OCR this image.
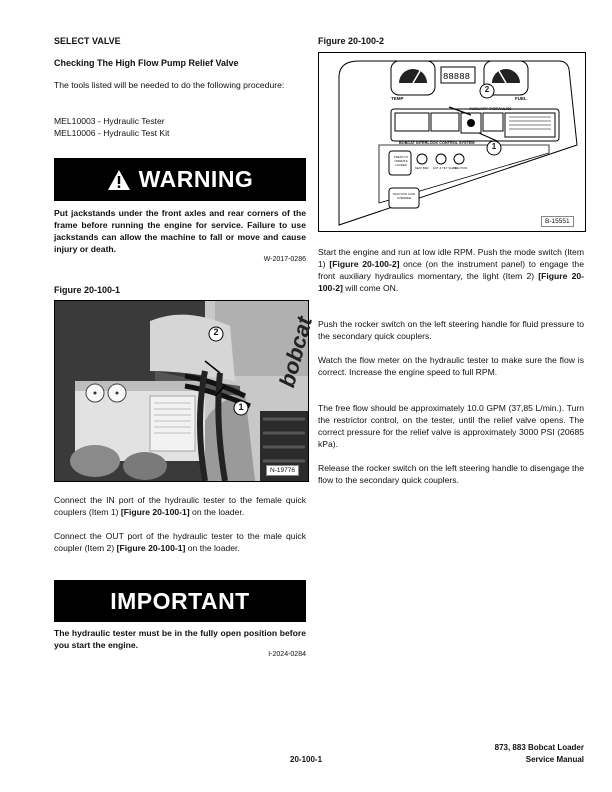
SELECT VALVE
Checking The High Flow Pump Relief Valve
The tools listed will be needed to do the following procedure:
MEL10003 - Hydraulic Tester
MEL10006 - Hydraulic Test Kit
WARNING
Put jackstands under the front axles and rear corners of the frame before running the engine for service. Failure to use jackstands can allow the machine to fall or move and cause injury or death.
W-2017-0286
Figure 20-100-1
bobcat
2
1
N-19776
Connect the IN port of the hydraulic tester to the female quick couplers (Item 1) [Figure 20-100-1] on the loader.
Connect the OUT port of the hydraulic tester to the male quick coupler (Item 2) [Figure 20-100-1] on the loader.
IMPORTANT
The hydraulic tester must be in the fully open position before you start the engine.
I-2024-0284
Figure 20-100-2
88888
TEMP	FUEL
AUXILIARY HYDRAULICS
BOBCAT INTERLOCK CONTROL SYSTEM
PRESS TO OPERATE LOADER
SEAT BAR LIFT & TILT VALVE
TRACTION
TRACTION LOCK OVERRIDE
2
1
B-15551
Start the engine and run at low idle RPM. Push the mode switch (Item 1) [Figure 20-100-2] once (on the instrument panel) to engage the front auxiliary hydraulics momentary, the light (Item 2) [Figure 20-100-2] will come ON.
Push the rocker switch on the left steering handle for fluid pressure to the secondary quick couplers.
Watch the flow meter on the hydraulic tester to make sure the flow is correct. Increase the engine speed to full RPM.
The free flow should be approximately 10.0 GPM (37,85 L/min.). Turn the restrictor control, on the tester, until the relief valve opens. The correct pressure for the relief valve is approximately 3000 PSI (20685 kPa).
Release the rocker switch on the left steering handle to disengage the flow to the secondary quick couplers.
20-100-1
873, 883 Bobcat Loader
Service Manual
